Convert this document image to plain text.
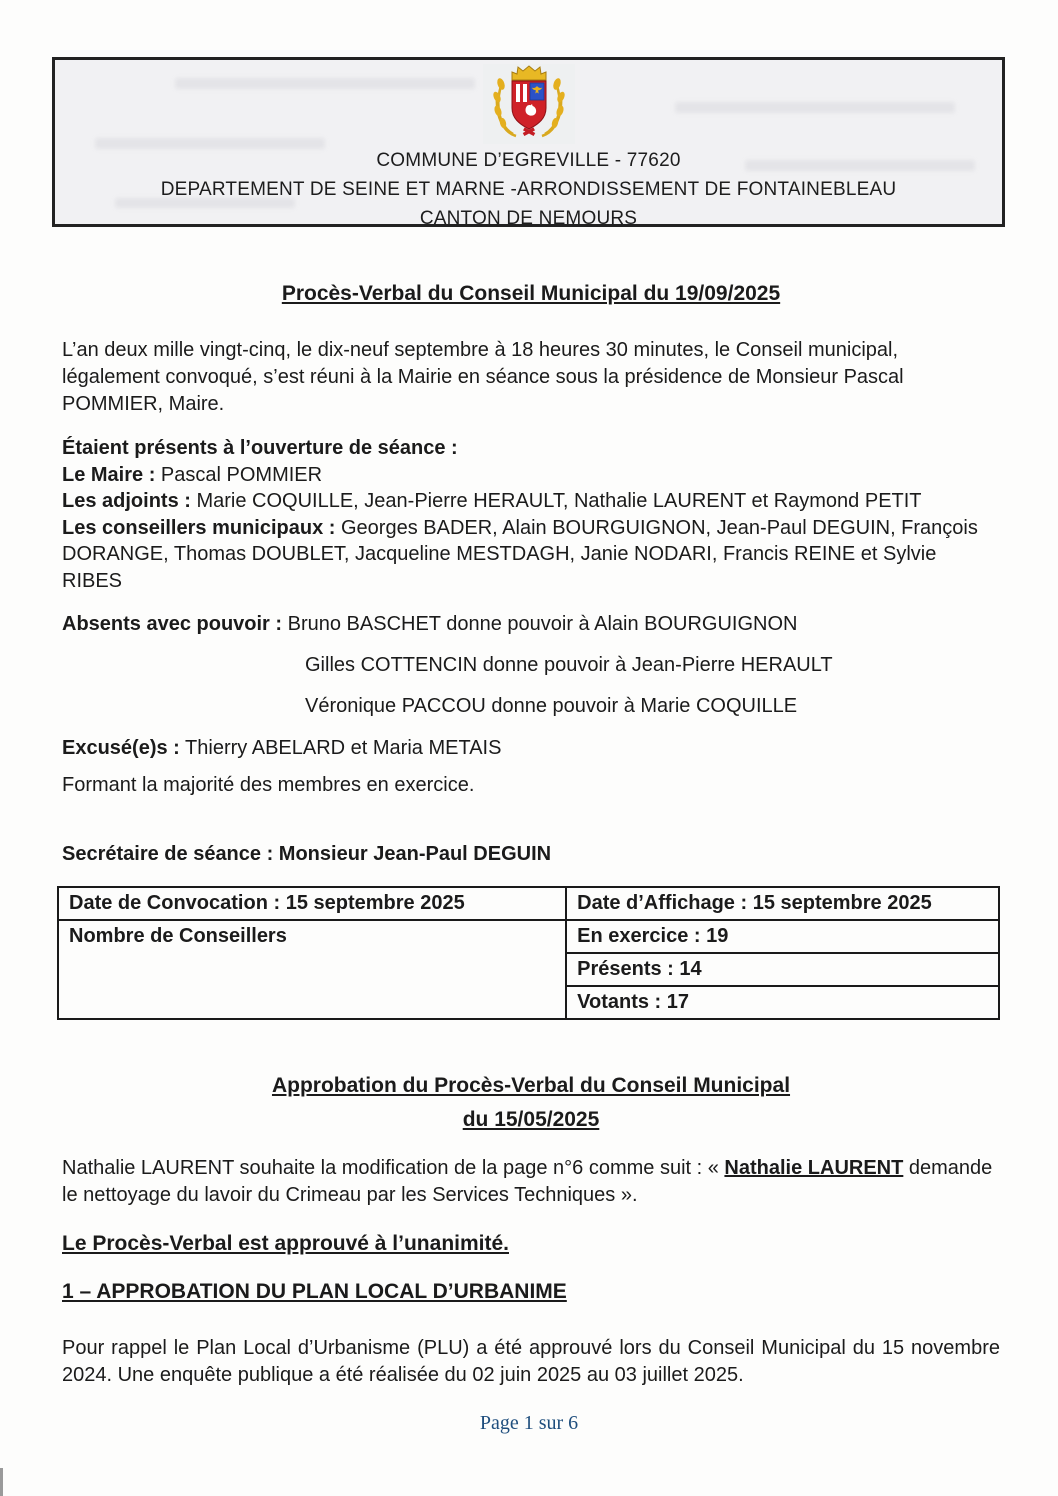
COMMUNE D’EGREVILLE - 77620
DEPARTEMENT DE SEINE ET MARNE -ARRONDISSEMENT DE FONTAINEBLEAU
CANTON DE NEMOURS
Procès-Verbal du Conseil Municipal du 19/09/2025

L’an deux mille vingt-cinq, le dix-neuf septembre à 18 heures 30 minutes, le Conseil municipal, légalement convoqué, s’est réuni à la Mairie en séance sous la présidence de Monsieur Pascal POMMIER, Maire.

Étaient présents à l’ouverture de séance :
Le Maire : Pascal POMMIER
Les adjoints : Marie COQUILLE, Jean-Pierre HERAULT, Nathalie LAURENT et Raymond PETIT
Les conseillers municipaux : Georges BADER, Alain BOURGUIGNON, Jean-Paul DEGUIN, François DORANGE, Thomas DOUBLET, Jacqueline MESTDAGH, Janie NODARI, Francis REINE et Sylvie RIBES
Absents avec pouvoir : Bruno BASCHET donne pouvoir à Alain BOURGUIGNON
Gilles COTTENCIN donne pouvoir à Jean-Pierre HERAULT
Véronique PACCOU donne pouvoir à Marie COQUILLE
Excusé(e)s : Thierry ABELARD et Maria METAIS
Formant la majorité des membres en exercice.
Secrétaire de séance : Monsieur Jean-Paul DEGUIN
Date de Convocation : 15 septembre 2025	Date d’Affichage : 15 septembre 2025
Nombre de Conseillers	En exercice : 19
	Présents : 14
	Votants : 17
Approbation du Procès-Verbal du Conseil Municipal
du 15/05/2025

Nathalie LAURENT souhaite la modification de la page n°6 comme suit : « Nathalie LAURENT demande le nettoyage du lavoir du Crimeau par les Services Techniques ».

Le Procès-Verbal est approuvé à l’unanimité.
1 – APPROBATION DU PLAN LOCAL D’URBANIME

Pour rappel le Plan Local d’Urbanisme (PLU) a été approuvé lors du Conseil Municipal du 15 novembre 2024. Une enquête publique a été réalisée du 02 juin 2025 au 03 juillet 2025.

Page 1 sur 6
